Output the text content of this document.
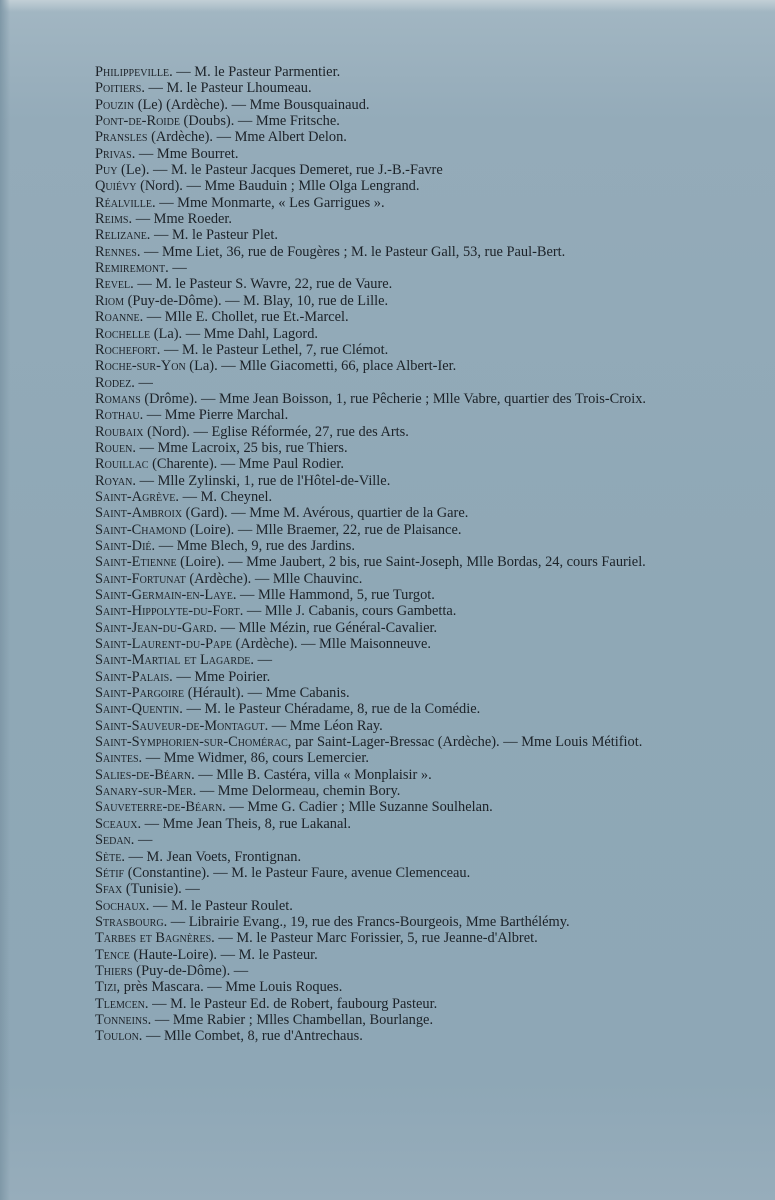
Philippeville. — M. le Pasteur Parmentier.
Poitiers. — M. le Pasteur Lhoumeau.
Pouzin (Le) (Ardèche). — Mme Bousquainaud.
Pont-de-Roide (Doubs). — Mme Fritsche.
Pransles (Ardèche). — Mme Albert Delon.
Privas. — Mme Bourret.
Puy (Le). — M. le Pasteur Jacques Demeret, rue J.-B.-Favre
Quiévy (Nord). — Mme Bauduin ; Mlle Olga Lengrand.
Réalville. — Mme Monmarte, « Les Garrigues ».
Reims. — Mme Roeder.
Relizane. — M. le Pasteur Plet.
Rennes. — Mme Liet, 36, rue de Fougères ; M. le Pasteur Gall, 53, rue Paul-Bert.
Remiremont. —
Revel. — M. le Pasteur S. Wavre, 22, rue de Vaure.
Riom (Puy-de-Dôme). — M. Blay, 10, rue de Lille.
Roanne. — Mlle E. Chollet, rue Et.-Marcel.
Rochelle (La). — Mme Dahl, Lagord.
Rochefort. — M. le Pasteur Lethel, 7, rue Clémot.
Roche-sur-Yon (La). — Mlle Giacometti, 66, place Albert-Ier.
Rodez. —
Romans (Drôme). — Mme Jean Boisson, 1, rue Pêcherie ; Mlle Vabre, quartier des Trois-Croix.
Rothau. — Mme Pierre Marchal.
Roubaix (Nord). — Eglise Réformée, 27, rue des Arts.
Rouen. — Mme Lacroix, 25 bis, rue Thiers.
Rouillac (Charente). — Mme Paul Rodier.
Royan. — Mlle Zylinski, 1, rue de l'Hôtel-de-Ville.
Saint-Agrève. — M. Cheynel.
Saint-Ambroix (Gard). — Mme M. Avérous, quartier de la Gare.
Saint-Chamond (Loire). — Mlle Braemer, 22, rue de Plaisance.
Saint-Dié. — Mme Blech, 9, rue des Jardins.
Saint-Etienne (Loire). — Mme Jaubert, 2 bis, rue Saint-Joseph, Mlle Bordas, 24, cours Fauriel.
Saint-Fortunat (Ardèche). — Mlle Chauvinc.
Saint-Germain-en-Laye. — Mlle Hammond, 5, rue Turgot.
Saint-Hippolyte-du-Fort. — Mlle J. Cabanis, cours Gambetta.
Saint-Jean-du-Gard. — Mlle Mézin, rue Général-Cavalier.
Saint-Laurent-du-Pape (Ardèche). — Mlle Maisonneuve.
Saint-Martial et Lagarde. —
Saint-Palais. — Mme Poirier.
Saint-Pargoire (Hérault). — Mme Cabanis.
Saint-Quentin. — M. le Pasteur Chéradame, 8, rue de la Comédie.
Saint-Sauveur-de-Montagut. — Mme Léon Ray.
Saint-Symphorien-sur-Chomérac, par Saint-Lager-Bressac (Ardèche). — Mme Louis Métifiot.
Saintes. — Mme Widmer, 86, cours Lemercier.
Salies-de-Béarn. — Mlle B. Castéra, villa « Monplaisir ».
Sanary-sur-Mer. — Mme Delormeau, chemin Bory.
Sauveterre-de-Béarn. — Mme G. Cadier ; Mlle Suzanne Soulhelan.
Sceaux. — Mme Jean Theis, 8, rue Lakanal.
Sedan. —
Sète. — M. Jean Voets, Frontignan.
Sétif (Constantine). — M. le Pasteur Faure, avenue Clemenceau.
Sfax (Tunisie). —
Sochaux. — M. le Pasteur Roulet.
Strasbourg. — Librairie Evang., 19, rue des Francs-Bourgeois, Mme Barthélémy.
Tarbes et Bagnères. — M. le Pasteur Marc Forissier, 5, rue Jeanne-d'Albret.
Tence (Haute-Loire). — M. le Pasteur.
Thiers (Puy-de-Dôme). —
Tizi, près Mascara. — Mme Louis Roques.
Tlemcen. — M. le Pasteur Ed. de Robert, faubourg Pasteur.
Tonneins. — Mme Rabier ; Mlles Chambellan, Bourlange.
Toulon. — Mlle Combet, 8, rue d'Antrechaus.
